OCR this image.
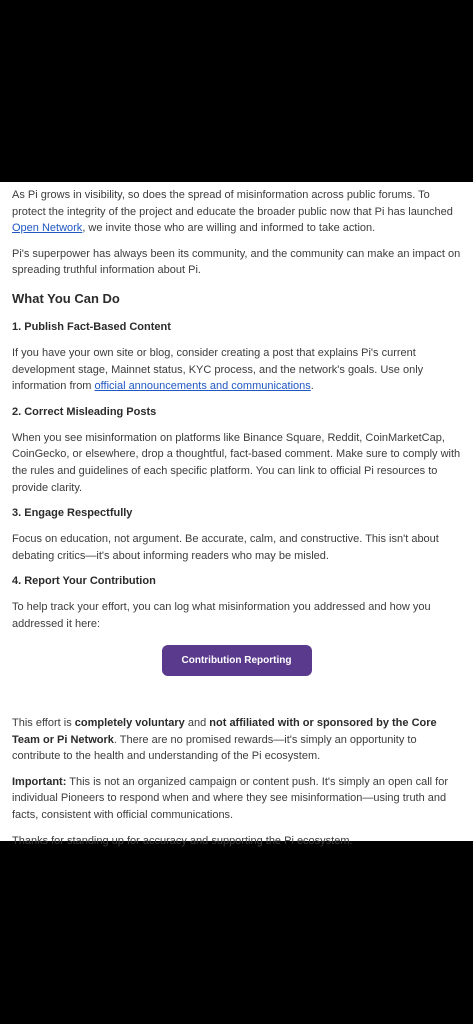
As Pi grows in visibility, so does the spread of misinformation across public forums. To protect the integrity of the project and educate the broader public now that Pi has launched Open Network, we invite those who are willing and informed to take action.

Pi's superpower has always been its community, and the community can make an impact on spreading truthful information about Pi.

What You Can Do
1. Publish Fact-Based Content

If you have your own site or blog, consider creating a post that explains Pi's current development stage, Mainnet status, KYC process, and the network's goals. Use only information from official announcements and communications.

2. Correct Misleading Posts

When you see misinformation on platforms like Binance Square, Reddit, CoinMarketCap, CoinGecko, or elsewhere, drop a thoughtful, fact-based comment. Make sure to comply with the rules and guidelines of each specific platform. You can link to official Pi resources to provide clarity.

3. Engage Respectfully

Focus on education, not argument. Be accurate, calm, and constructive. This isn't about debating critics—it's about informing readers who may be misled.

4. Report Your Contribution

To help track your effort, you can log what misinformation you addressed and how you addressed it here:

Contribution Reporting Form

This effort is completely voluntary and not affiliated with or sponsored by the Core Team or Pi Network. There are no promised rewards—it's simply an opportunity to contribute to the health and understanding of the Pi ecosystem.

Important: This is not an organized campaign or content push. It's simply an open call for individual Pioneers to respond when and where they see misinformation—using truth and facts, consistent with official communications.

Thanks for standing up for accuracy and supporting the Pi ecosystem.
